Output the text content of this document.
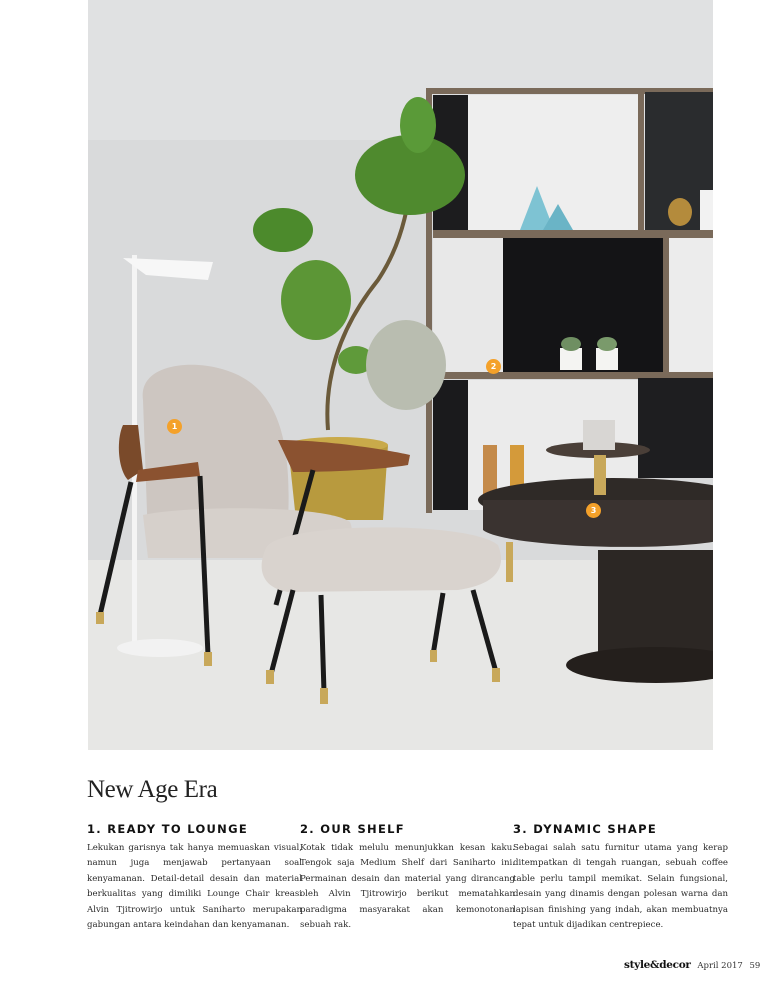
1
2
3
New Age Era
1. READY TO LOUNGE

Lekukan garisnya tak hanya memuaskan visual, namun juga menjawab pertanyaan soal kenyamanan. Detail-detail desain dan material berkualitas yang dimiliki Lounge Chair kreasi Alvin Tjitrowirjo untuk Saniharto merupakan gabungan antara keindahan dan kenyamanan.

2. OUR SHELF

Kotak tidak melulu menunjukkan kesan kaku. Tengok saja Medium Shelf dari Saniharto ini. Permainan desain dan material yang dirancang oleh Alvin Tjitrowirjo berikut mematahkan paradigma masyarakat akan kemonotonan sebuah rak.

3. DYNAMIC SHAPE

Sebagai salah satu furnitur utama yang kerap ditempatkan di tengah ruangan, sebuah coffee table perlu tampil memikat. Selain fungsional, desain yang dinamis dengan polesan warna dan lapisan finishing yang indah, akan membuatnya tepat untuk dijadikan centrepiece.

style&decor April 2017 59
